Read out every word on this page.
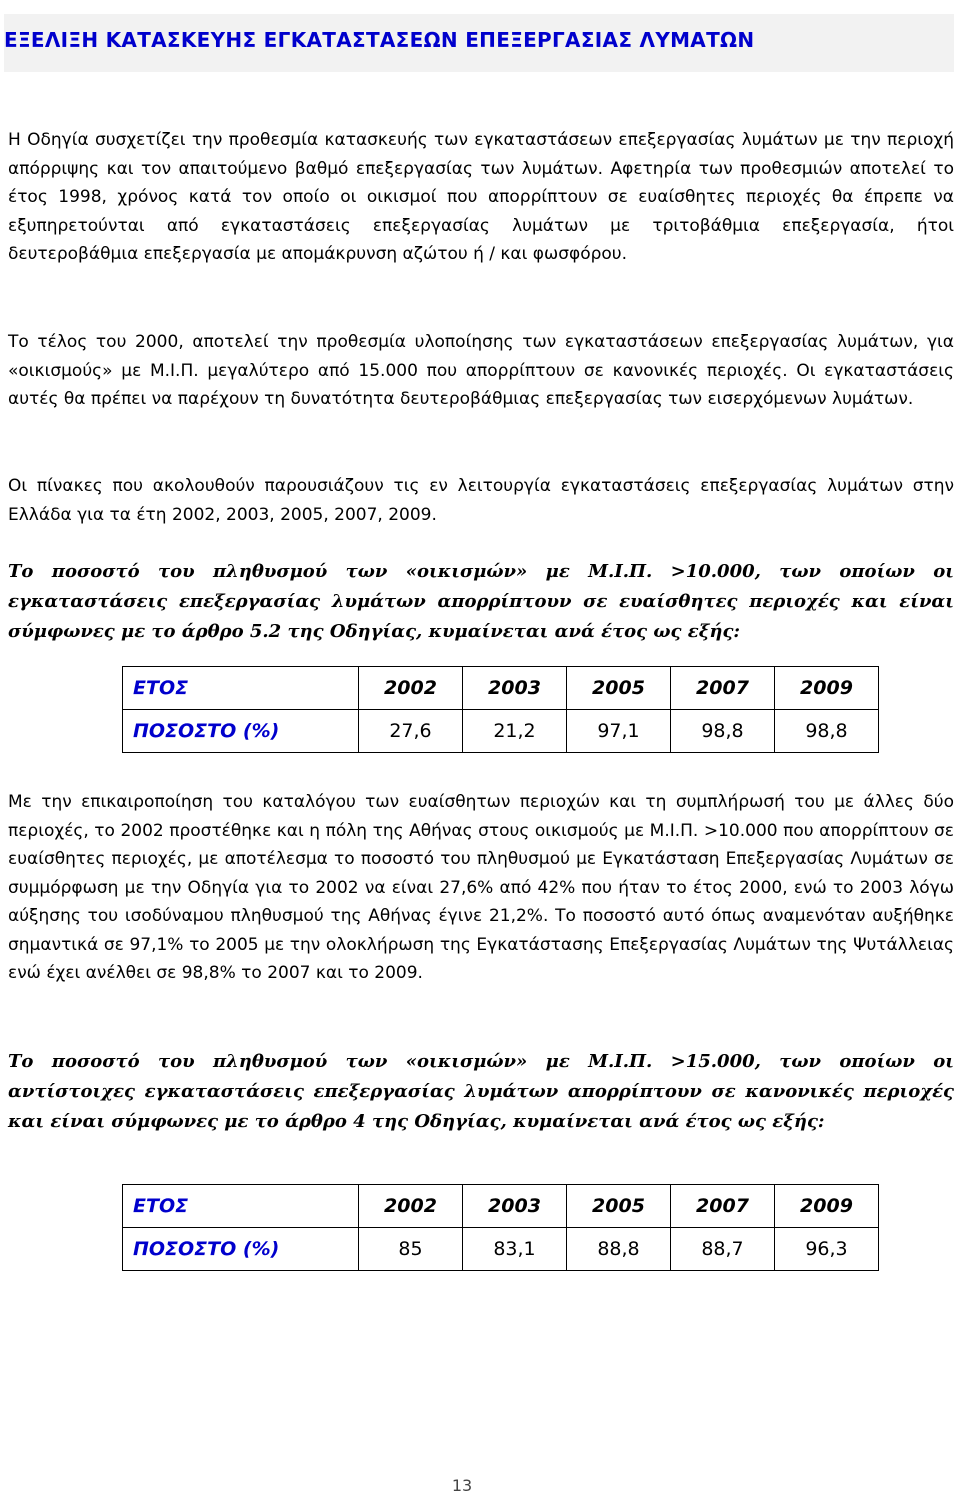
ΕΞΕΛΙΞΗ ΚΑΤΑΣΚΕΥΗΣ ΕΓΚΑΤΑΣΤΑΣΕΩΝ ΕΠΕΞΕΡΓΑΣΙΑΣ ΛΥΜΑΤΩΝ

Η Οδηγία συσχετίζει την προθεσμία κατασκευής των εγκαταστάσεων επεξεργασίας λυμάτων με την περιοχή απόρριψης και τον απαιτούμενο βαθμό επεξεργασίας των λυμάτων. Αφετηρία των προθεσμιών αποτελεί το έτος 1998, χρόνος κατά τον οποίο οι οικισμοί που απορρίπτουν σε ευαίσθητες περιοχές θα έπρεπε να εξυπηρετούνται από εγκαταστάσεις επεξεργασίας λυμάτων με τριτοβάθμια επεξεργασία, ήτοι δευτεροβάθμια επεξεργασία με απομάκρυνση αζώτου ή / και φωσφόρου.

Το τέλος του 2000, αποτελεί την προθεσμία υλοποίησης των εγκαταστάσεων επεξεργασίας λυμάτων, για «οικισμούς» με Μ.Ι.Π. μεγαλύτερο από 15.000 που απορρίπτουν σε κανονικές περιοχές. Οι εγκαταστάσεις αυτές θα πρέπει να παρέχουν τη δυνατότητα δευτεροβάθμιας επεξεργασίας των εισερχόμενων λυμάτων.

Οι πίνακες που ακολουθούν παρουσιάζουν τις εν λειτουργία εγκαταστάσεις επεξεργασίας λυμάτων στην Ελλάδα για τα έτη 2002, 2003, 2005, 2007, 2009.

Το ποσοστό του πληθυσμού των «οικισμών» με Μ.Ι.Π. >10.000, των οποίων οι εγκαταστάσεις επεξεργασίας λυμάτων απορρίπτουν σε ευαίσθητες περιοχές και είναι σύμφωνες με το άρθρο 5.2 της Οδηγίας, κυμαίνεται ανά έτος ως εξής:

ΕΤΟΣ	2002	2003	2005	2007	2009
ΠΟΣΟΣΤΟ (%)	27,6	21,2	97,1	98,8	98,8

Με την επικαιροποίηση του καταλόγου των ευαίσθητων περιοχών και τη συμπλήρωσή του με άλλες δύο περιοχές, το 2002 προστέθηκε και η πόλη της Αθήνας στους οικισμούς με Μ.Ι.Π. >10.000 που απορρίπτουν σε ευαίσθητες περιοχές, με αποτέλεσμα το ποσοστό του πληθυσμού με Εγκατάσταση Επεξεργασίας Λυμάτων σε συμμόρφωση με την Οδηγία για το 2002 να είναι 27,6% από 42% που ήταν το έτος 2000, ενώ το 2003 λόγω αύξησης του ισοδύναμου πληθυσμού της Αθήνας έγινε 21,2%. Το ποσοστό αυτό όπως αναμενόταν αυξήθηκε σημαντικά σε 97,1% το 2005 με την ολοκλήρωση της Εγκατάστασης Επεξεργασίας Λυμάτων της Ψυτάλλειας ενώ έχει ανέλθει σε 98,8% το 2007 και το 2009.

Το ποσοστό του πληθυσμού των «οικισμών» με Μ.Ι.Π. >15.000, των οποίων οι αντίστοιχες εγκαταστάσεις επεξεργασίας λυμάτων απορρίπτουν σε κανονικές περιοχές και είναι σύμφωνες με το άρθρο 4 της Οδηγίας, κυμαίνεται ανά έτος ως εξής:

ΕΤΟΣ	2002	2003	2005	2007	2009
ΠΟΣΟΣΤΟ (%)	85	83,1	88,8	88,7	96,3
13
